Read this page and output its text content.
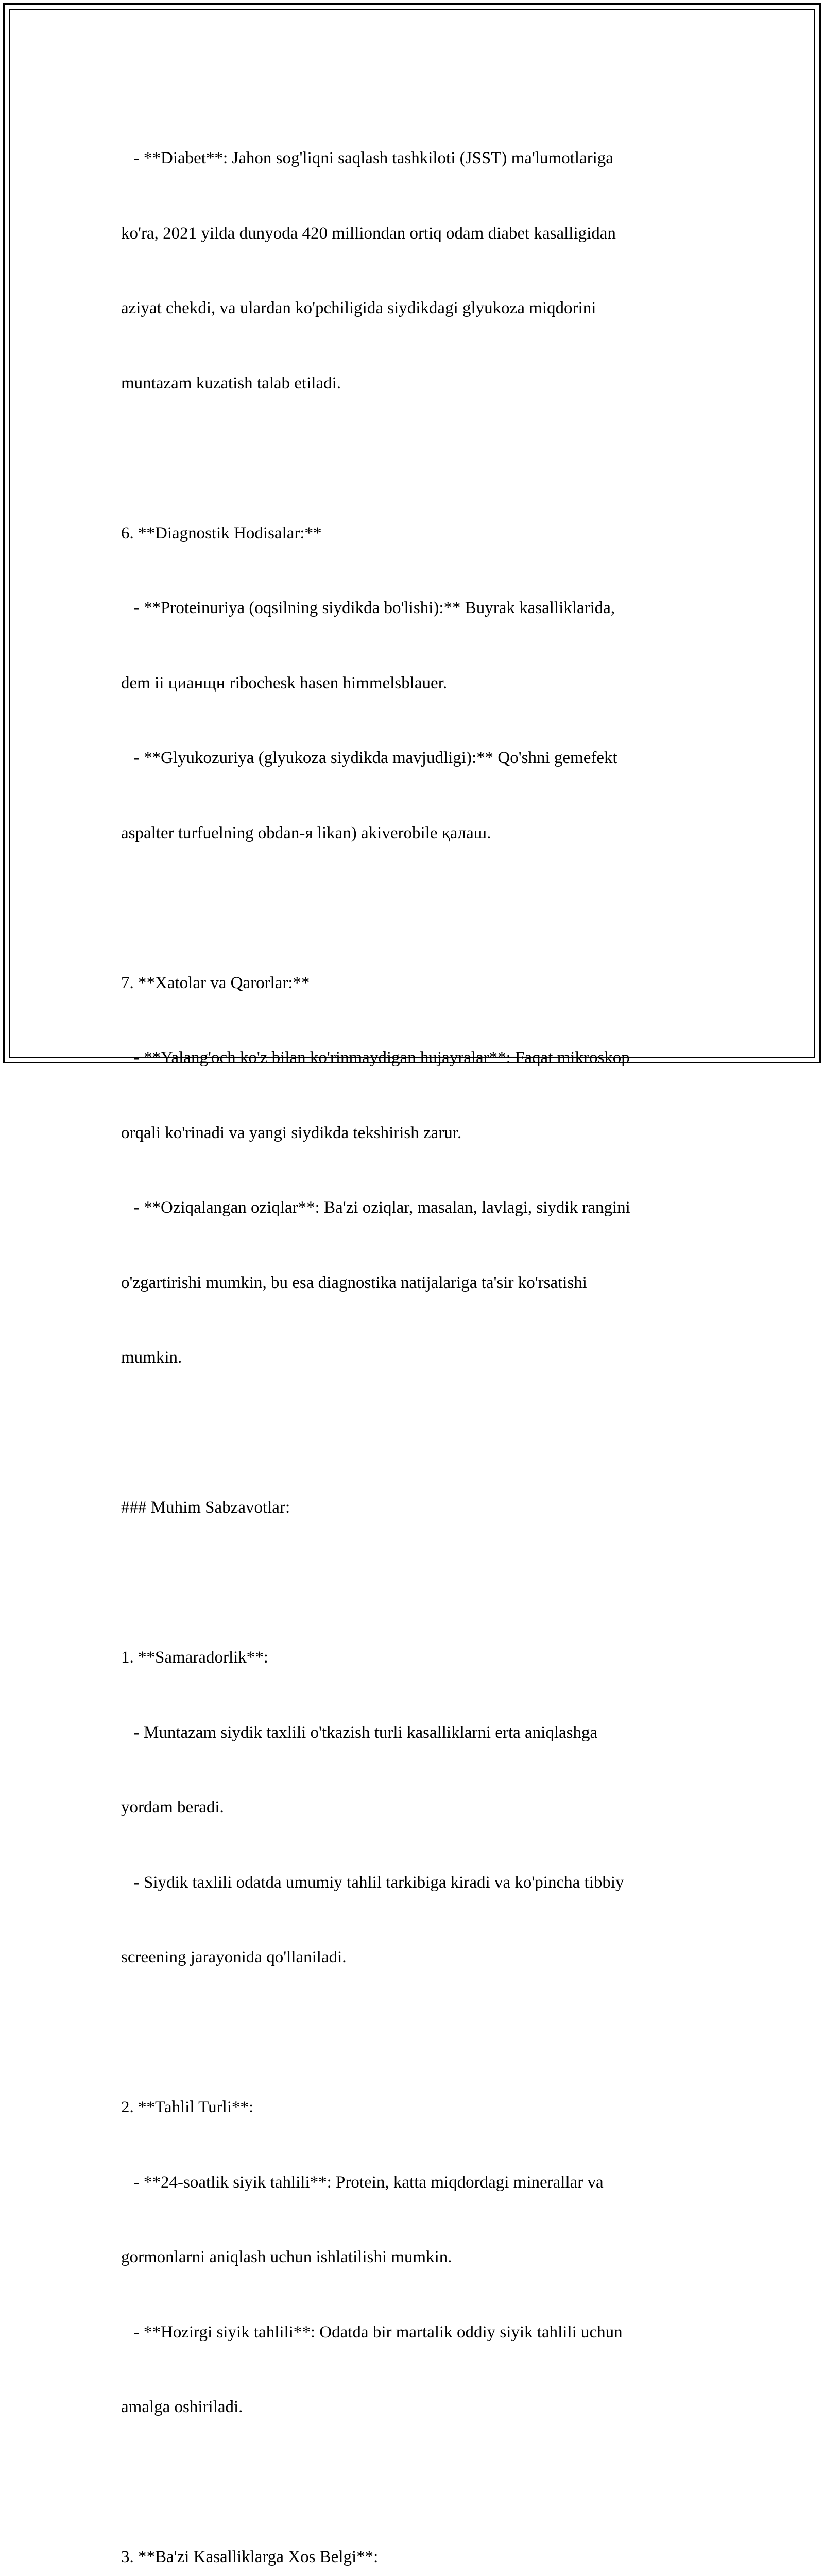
- **Diabet**: Jahon sog'liqni saqlash tashkiloti (JSST) ma'lumotlariga

ko'ra, 2021 yilda dunyoda 420 milliondan ortiq odam diabet kasalligidan

aziyat chekdi, va ulardan ko'pchiligida siydikdagi glyukoza miqdorini

muntazam kuzatish talab etiladi.

6. **Diagnostik Hodisalar:**

- **Proteinuriya (oqsilning siydikda bo'lishi):** Buyrak kasalliklarida,

dem ii цианщн ribochesk hasen himmelsblauer.

- **Glyukozuriya (glyukoza siydikda mavjudligi):** Qo'shni gemefekt

aspalter turfuelning obdan-я likan) akiverobile қалаш.

7. **Xatolar va Qarorlar:**

- **Yalang'och ko'z bilan ko'rinmaydigan hujayralar**: Faqat mikroskop

orqali ko'rinadi va yangi siydikda tekshirish zarur.

- **Oziqalangan oziqlar**: Ba'zi oziqlar, masalan, lavlagi, siydik rangini

o'zgartirishi mumkin, bu esa diagnostika natijalariga ta'sir ko'rsatishi

mumkin.

### Muhim Sabzavotlar:

1. **Samaradorlik**:

- Muntazam siydik taxlili o'tkazish turli kasalliklarni erta aniqlashga

yordam beradi.

- Siydik taxlili odatda umumiy tahlil tarkibiga kiradi va ko'pincha tibbiy

screening jarayonida qo'llaniladi.

2. **Tahlil Turli**:

- **24-soatlik siyik tahlili**: Protein, katta miqdordagi minerallar va

gormonlarni aniqlash uchun ishlatilishi mumkin.

- **Hozirgi siyik tahlili**: Odatda bir martalik oddiy siyik tahlili uchun

amalga oshiriladi.

3. **Ba'zi Kasalliklarga Xos Belgi**:
